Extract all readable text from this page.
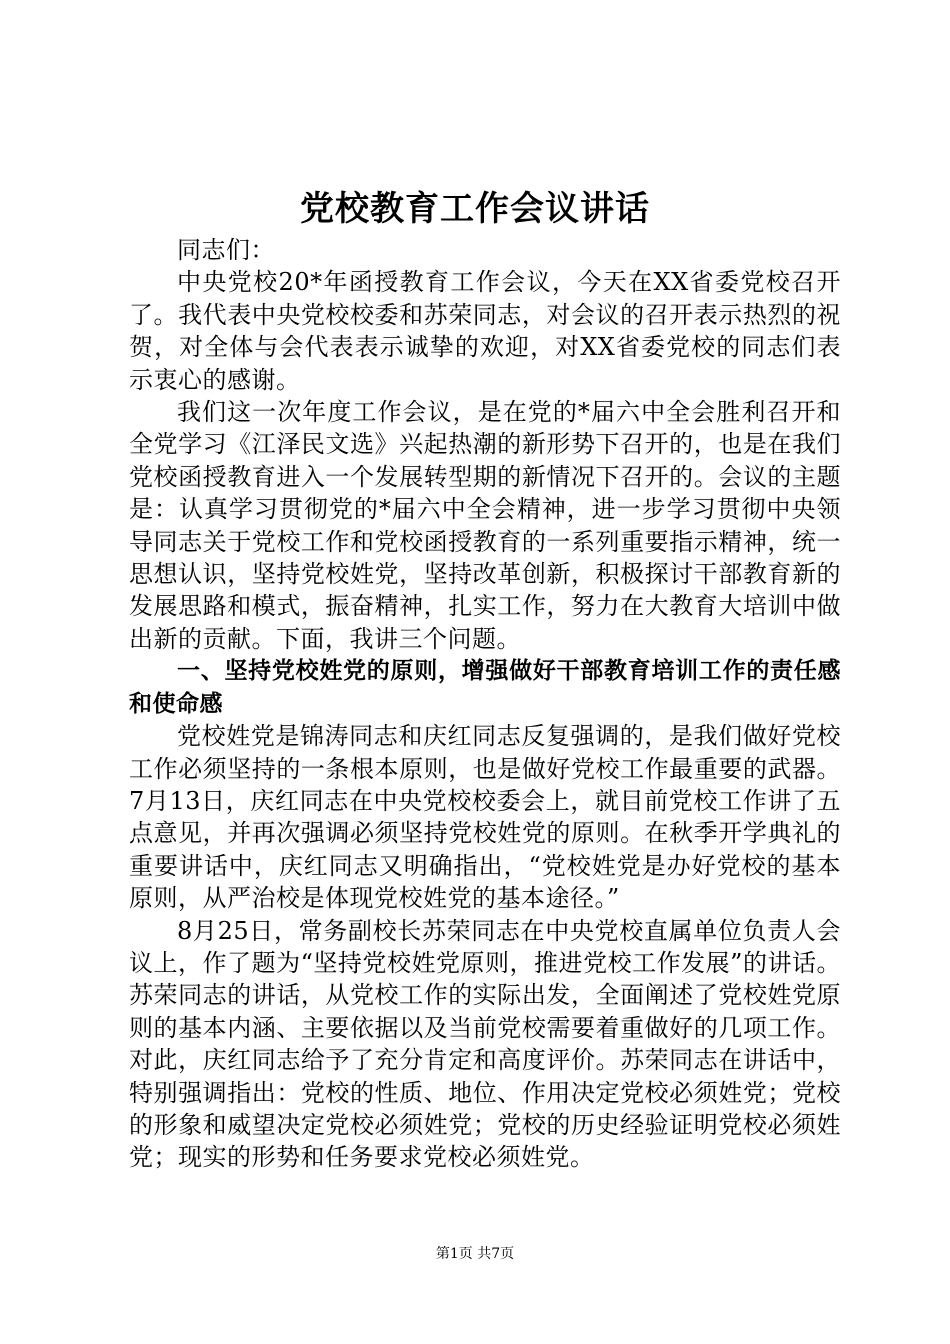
党校教育工作会议讲话

同志们：

中央党校20*年函授教育工作会议，今天在XX省委党校召开了。我代表中央党校校委和苏荣同志，对会议的召开表示热烈的祝贺，对全体与会代表表示诚挚的欢迎，对XX省委党校的同志们表示衷心的感谢。

我们这一次年度工作会议，是在党的*届六中全会胜利召开和全党学习《江泽民文选》兴起热潮的新形势下召开的，也是在我们党校函授教育进入一个发展转型期的新情况下召开的。会议的主题是：认真学习贯彻党的*届六中全会精神，进一步学习贯彻中央领导同志关于党校工作和党校函授教育的一系列重要指示精神，统一思想认识，坚持党校姓党，坚持改革创新，积极探讨干部教育新的发展思路和模式，振奋精神，扎实工作，努力在大教育大培训中做出新的贡献。下面，我讲三个问题。

一、坚持党校姓党的原则，增强做好干部教育培训工作的责任感和使命感

党校姓党是锦涛同志和庆红同志反复强调的，是我们做好党校工作必须坚持的一条根本原则，也是做好党校工作最重要的武器。7月13日，庆红同志在中央党校校委会上，就目前党校工作讲了五点意见，并再次强调必须坚持党校姓党的原则。在秋季开学典礼的重要讲话中，庆红同志又明确指出，“党校姓党是办好党校的基本原则，从严治校是体现党校姓党的基本途径。”

8月25日，常务副校长苏荣同志在中央党校直属单位负责人会议上，作了题为“坚持党校姓党原则，推进党校工作发展”的讲话。苏荣同志的讲话，从党校工作的实际出发，全面阐述了党校姓党原则的基本内涵、主要依据以及当前党校需要着重做好的几项工作。对此，庆红同志给予了充分肯定和高度评价。苏荣同志在讲话中，特别强调指出：党校的性质、地位、作用决定党校必须姓党；党校的形象和威望决定党校必须姓党；党校的历史经验证明党校必须姓党；现实的形势和任务要求党校必须姓党。

第1页 共7页
